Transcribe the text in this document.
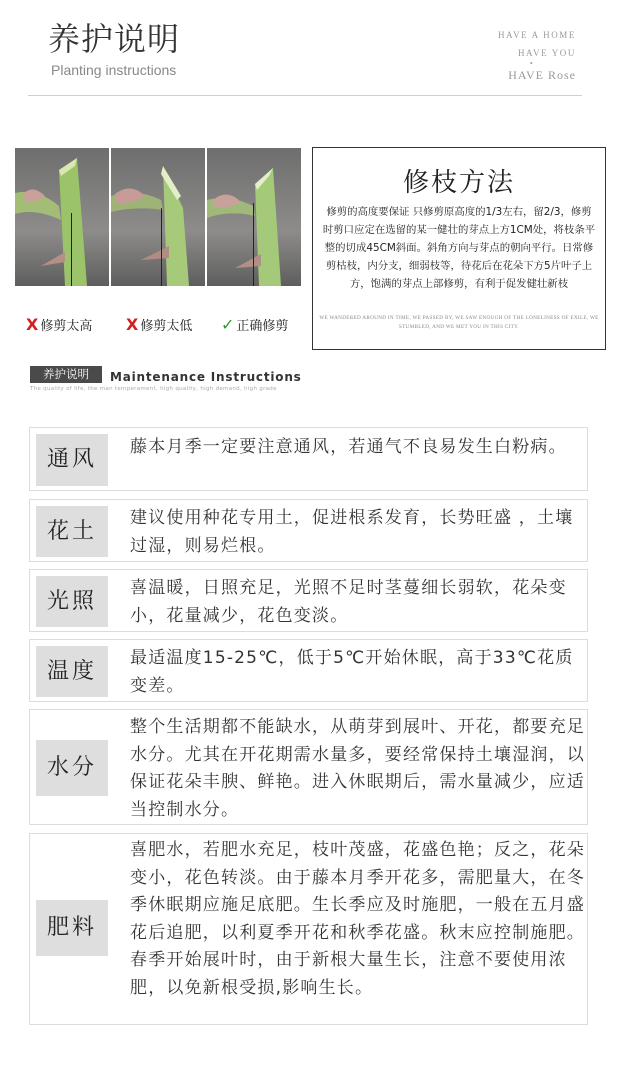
养护说明
Planting instructions
HAVE A HOME
HAVE YOU
•
HAVE Rose
X 修剪太高 X 修剪太低 ✓ 正确修剪
修枝方法
修剪的高度要保证 只修剪原高度的1/3左右，留2/3，修剪时剪口应定在选留的某一健壮的芽点上方1CM处，将枝条平整的切成45CM斜面。斜角方向与芽点的朝向平行。日常修剪枯枝，内分支，细弱枝等，待花后在花朵下方5片叶子上方，饱满的芽点上部修剪，有利于促发健壮新枝
WE WANDERED AROUND IN TIME, WE PASSED BY, WE SAW ENOUGH OF THE LONELINESS OF EXILE, WE STUMBLED, AND WE MET YOU IN THIS CITY.
养护说明	Maintenance Instructions
The quality of life, the man temperament, high quality, high demand, high grade
通风	藤本月季一定要注意通风，若通气不良易发生白粉病。
花土
建议使用种花专用土，促进根系发育，长势旺盛 ，土壤过湿，则易烂根。
光照
喜温暖，日照充足，光照不足时茎蔓细长弱软，花朵变小，花量减少，花色变淡。
温度
最适温度15-25℃，低于5℃开始休眠，高于33℃花质变差。
水分
整个生活期都不能缺水，从萌芽到展叶、开花，都要充足水分。尤其在开花期需水量多，要经常保持土壤湿润，以保证花朵丰腴、鲜艳。进入休眠期后，需水量减少，应适当控制水分。
肥料
喜肥水，若肥水充足，枝叶茂盛，花盛色艳；反之，花朵变小，花色转淡。由于藤本月季开花多，需肥量大，在冬季休眠期应施足底肥。生长季应及时施肥，一般在五月盛花后追肥，以利夏季开花和秋季花盛。秋末应控制施肥。春季开始展叶时，由于新根大量生长，注意不要使用浓肥，以免新根受损,影响生长。
